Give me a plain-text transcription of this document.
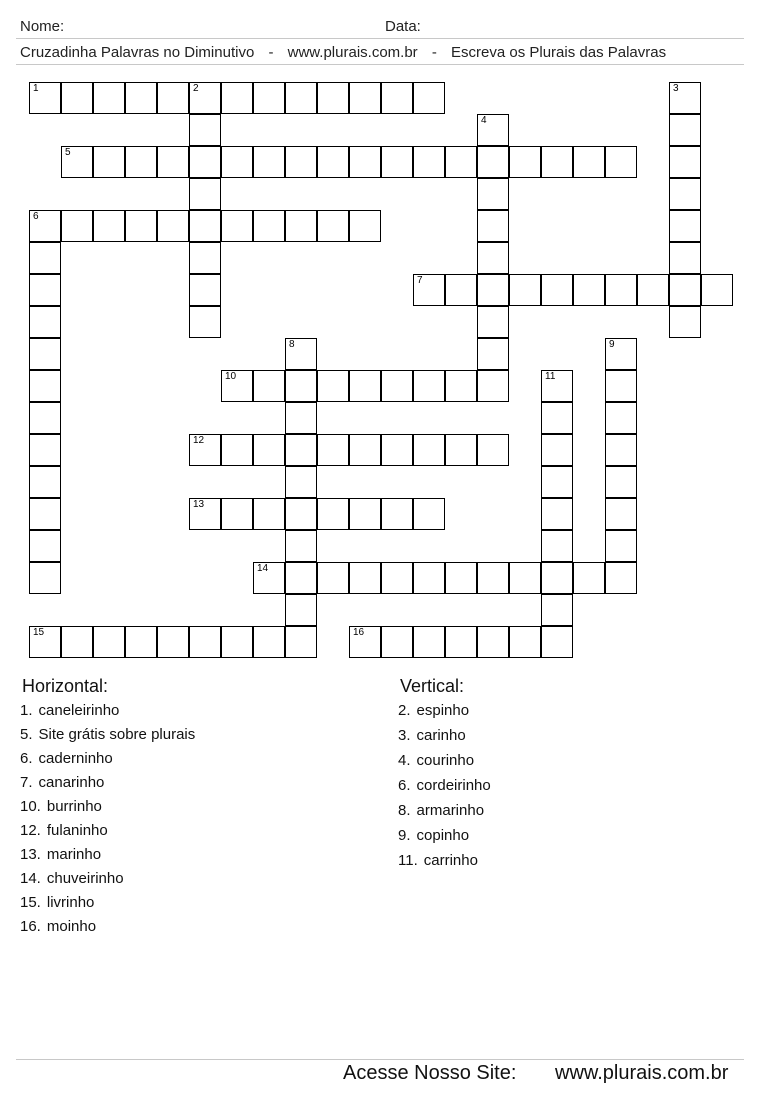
Nome:	Data:
Cruzadinha Palavras no Diminutivo - www.plurais.com.br - Escreva os Plurais das Palavras
1	2	3
4
5
6
7
8	9
10	11
12
13
14
15	16
Horizontal:
1. caneleirinho
5. Site grátis sobre plurais
6. caderninho
7. canarinho
10. burrinho
12. fulaninho
13. marinho
14. chuveirinho
15. livrinho
16. moinho
Vertical:
2. espinho
3. carinho
4. courinho
6. cordeirinho
8. armarinho
9. copinho
11. carrinho
Acesse Nosso Site: www.plurais.com.br
